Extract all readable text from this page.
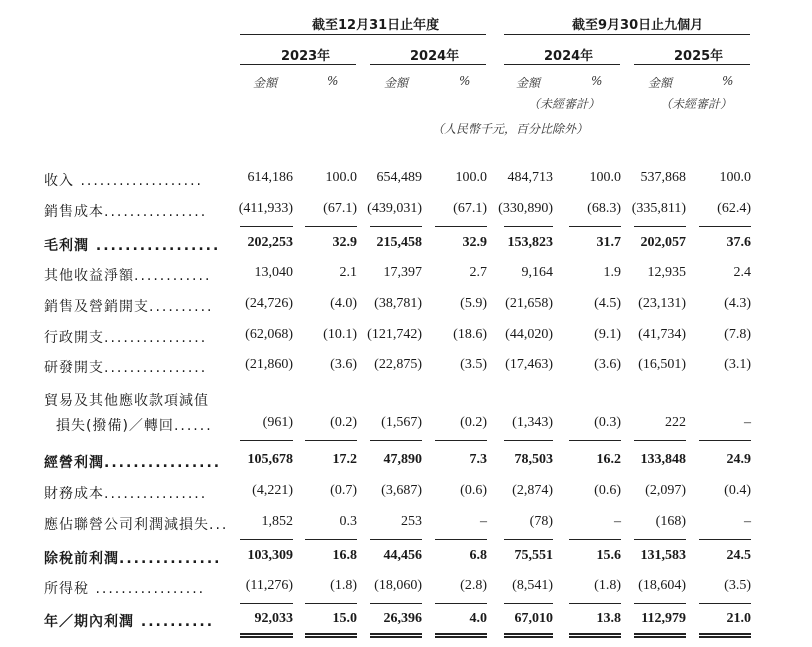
截至12月31日止年度	截至9月30日止九個月
2023年	2024年	2024年	2025年
金額	%	金額	%	金額	%	金額	%
（未經審計）	（未經審計）
（人民幣千元，百分比除外）
收入 ...................	614,186 100.0 654,489 100.0 484,713	100.0 537,868 100.0
銷售成本................ (411,933) (67.1) (439,031) (67.1) (330,890) (68.3) (335,811) (62.4)
毛利潤 ................. 202,253	32.9 215,458	32.9 153,823	31.7 202,057	37.6
其他收益淨額............	13,040	2.1 17,397	2.7 9,164	1.9 12,935	2.4
銷售及營銷開支.......... (24,726)	(4.0) (38,781)	(5.9) (21,658)	(4.5) (23,131)	(4.3)
行政開支................	(62,068) (10.1) (121,742) (18.6) (44,020)	(9.1) (41,734)	(7.8)
研發開支................	(21,860)	(3.6) (22,875)	(3.5) (17,463)	(3.6) (16,501)	(3.1)
貿易及其他應收款項減值
損失(撥備)／轉回......	(961)	(0.2) (1,567)	(0.2) (1,343)	(0.3)	222	–
經營利潤................ 105,678	17.2 47,890	7.3 78,503	16.2 133,848	24.9
財務成本................	(4,221)	(0.7) (3,687)	(0.6) (2,874)	(0.6) (2,097)	(0.4)
應佔聯營公司利潤減損失... 1,852	0.3	253	–	(78)	– (168)	–
除稅前利潤.............. 103,309	16.8 44,456	6.8 75,551	15.6 131,583	24.5
所得稅 .................	(11,276)	(1.8) (18,060)	(2.8) (8,541)	(1.8) (18,604)	(3.5)
年／期內利潤 ..........	92,033	15.0 26,396	4.0 67,010	13.8 112,979	21.0
